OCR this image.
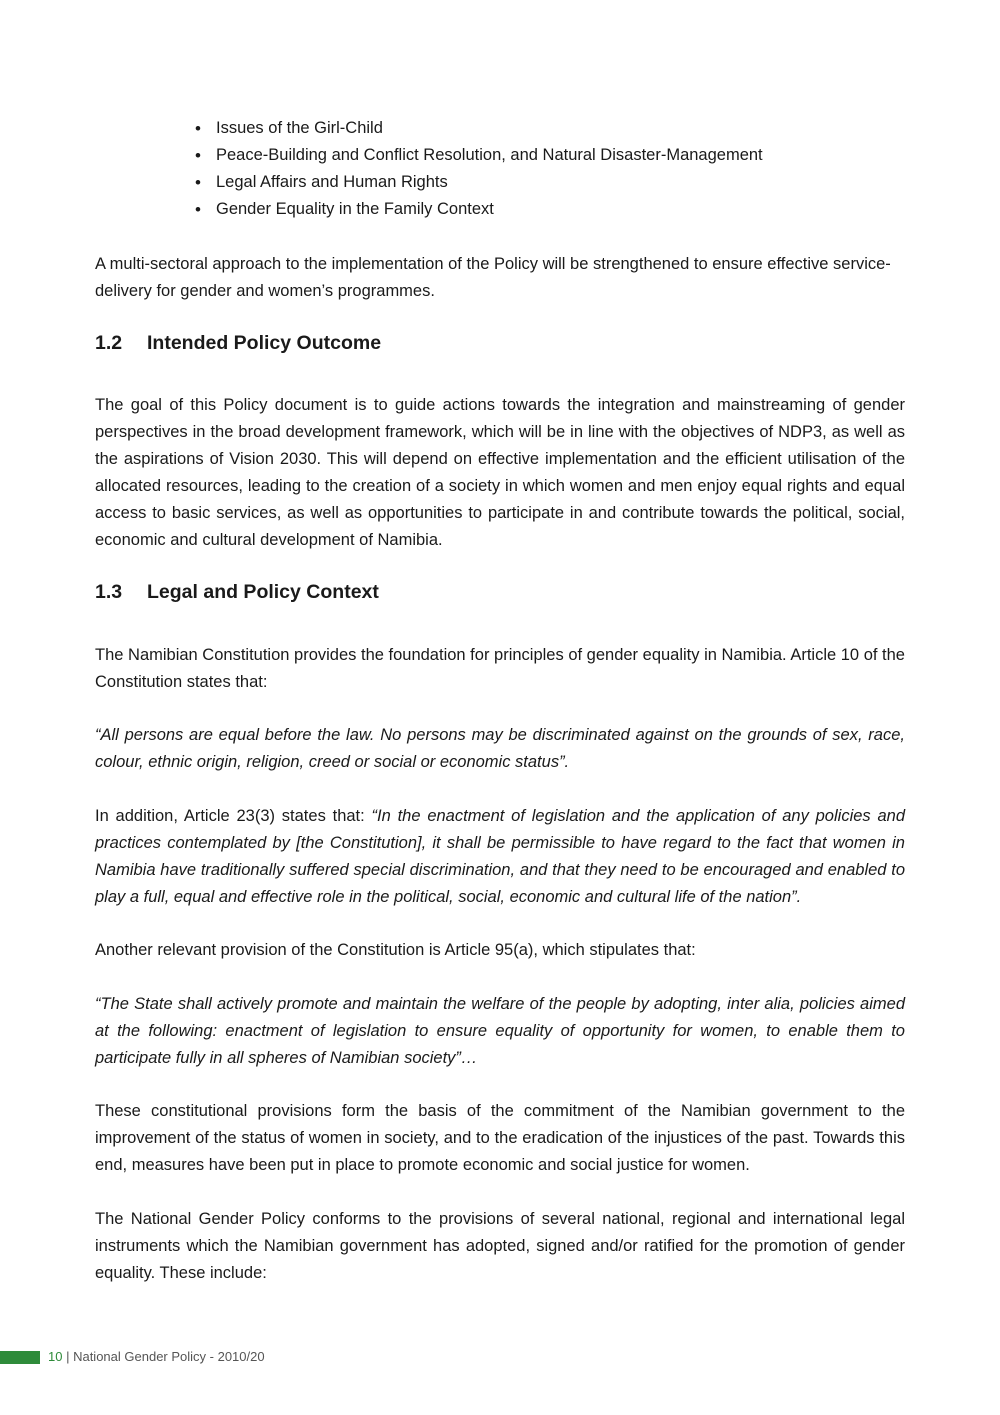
• Issues of the Girl-Child
• Peace-Building and Conflict Resolution, and Natural Disaster-Management
• Legal Affairs and Human Rights
• Gender Equality in the Family Context

A multi-sectoral approach to the implementation of the Policy will be strengthened to ensure effective service-delivery for gender and women’s programmes.

1.2 Intended Policy Outcome

The goal of this Policy document is to guide actions towards the integration and mainstreaming of gender perspectives in the broad development framework, which will be in line with the objectives of NDP3, as well as the aspirations of Vision 2030. This will depend on effective implementation and the efficient utilisation of the allocated resources, leading to the creation of a society in which women and men enjoy equal rights and equal access to basic services, as well as opportunities to participate in and contribute towards the political, social, economic and cultural development of Namibia.

1.3 Legal and Policy Context

The Namibian Constitution provides the foundation for principles of gender equality in Namibia. Article 10 of the Constitution states that:

“All persons are equal before the law. No persons may be discriminated against on the grounds of sex, race, colour, ethnic origin, religion, creed or social or economic status”.

In addition, Article 23(3) states that: “In the enactment of legislation and the application of any policies and practices contemplated by [the Constitution], it shall be permissible to have regard to the fact that women in Namibia have traditionally suffered special discrimination, and that they need to be encouraged and enabled to play a full, equal and effective role in the political, social, economic and cultural life of the nation”.

Another relevant provision of the Constitution is Article 95(a), which stipulates that:

“The State shall actively promote and maintain the welfare of the people by adopting, inter alia, policies aimed at the following: enactment of legislation to ensure equality of opportunity for women, to enable them to participate fully in all spheres of Namibian society”…

These constitutional provisions form the basis of the commitment of the Namibian government to the improvement of the status of women in society, and to the eradication of the injustices of the past. Towards this end, measures have been put in place to promote economic and social justice for women.

The National Gender Policy conforms to the provisions of several national, regional and international legal instruments which the Namibian government has adopted, signed and/or ratified for the promotion of gender equality. These include:

10 | National Gender Policy - 2010/20
